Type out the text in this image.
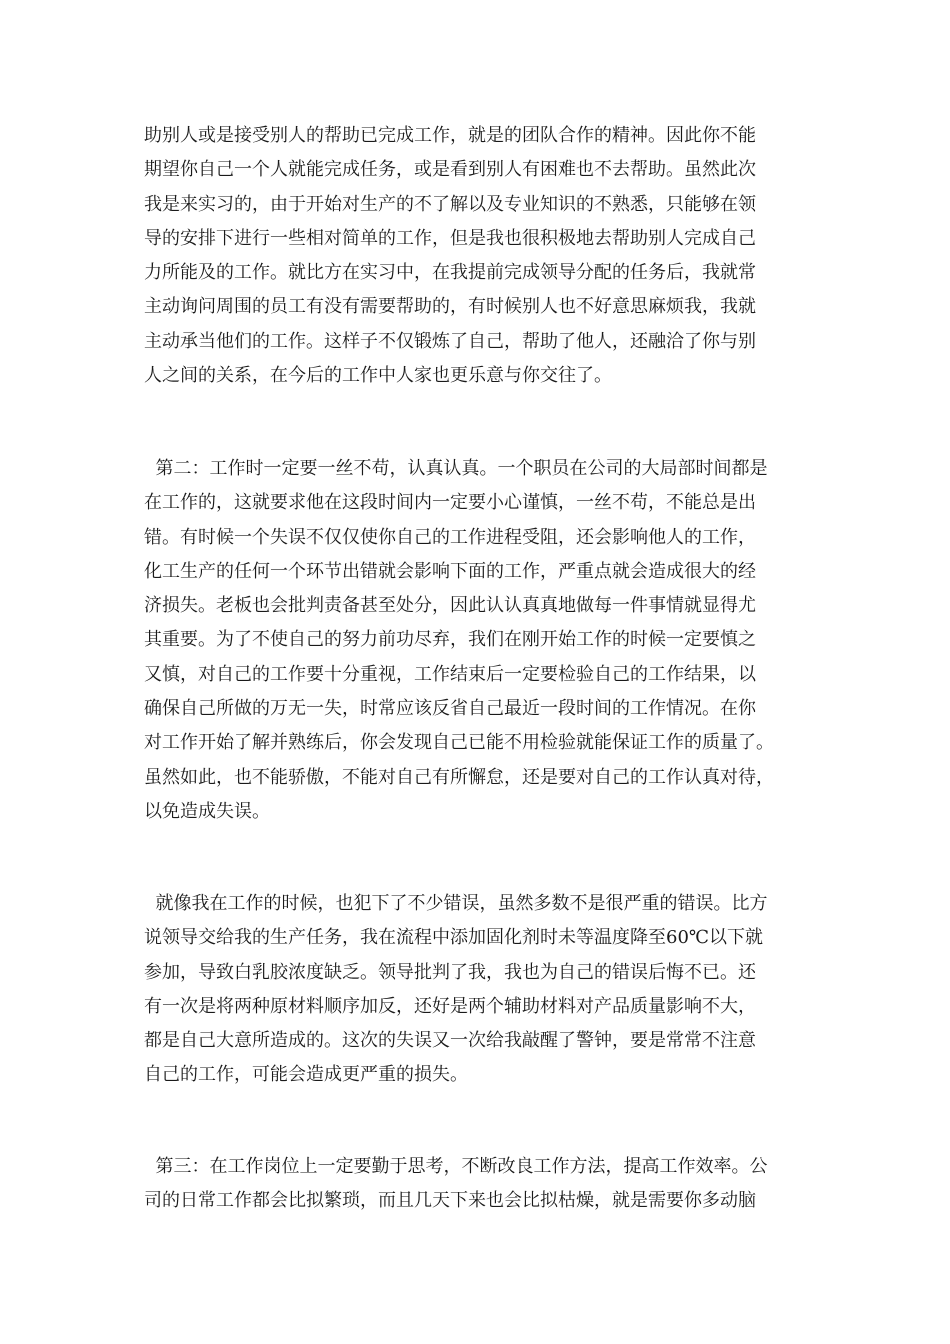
助别人或是接受别人的帮助已完成工作，就是的团队合作的精神。因此你不能
期望你自己一个人就能完成任务，或是看到别人有困难也不去帮助。虽然此次
我是来实习的，由于开始对生产的不了解以及专业知识的不熟悉，只能够在领
导的安排下进行一些相对简单的工作，但是我也很积极地去帮助别人完成自己
力所能及的工作。就比方在实习中，在我提前完成领导分配的任务后，我就常
主动询问周围的员工有没有需要帮助的，有时候别人也不好意思麻烦我，我就
主动承当他们的工作。这样子不仅锻炼了自己，帮助了他人，还融洽了你与别
人之间的关系，在今后的工作中人家也更乐意与你交往了。
第二：工作时一定要一丝不苟，认真认真。一个职员在公司的大局部时间都是
在工作的，这就要求他在这段时间内一定要小心谨慎，一丝不苟，不能总是出
错。有时候一个失误不仅仅使你自己的工作进程受阻，还会影响他人的工作，
化工生产的任何一个环节出错就会影响下面的工作，严重点就会造成很大的经
济损失。老板也会批判责备甚至处分，因此认认真真地做每一件事情就显得尤
其重要。为了不使自己的努力前功尽弃，我们在刚开始工作的时候一定要慎之
又慎，对自己的工作要十分重视，工作结束后一定要检验自己的工作结果，以
确保自己所做的万无一失，时常应该反省自己最近一段时间的工作情况。在你
对工作开始了解并熟练后，你会发现自己已能不用检验就能保证工作的质量了。
虽然如此，也不能骄傲，不能对自己有所懈怠，还是要对自己的工作认真对待，
以免造成失误。
就像我在工作的时候，也犯下了不少错误，虽然多数不是很严重的错误。比方
说领导交给我的生产任务，我在流程中添加固化剂时未等温度降至60℃以下就
参加，导致白乳胶浓度缺乏。领导批判了我，我也为自己的错误后悔不已。还
有一次是将两种原材料顺序加反，还好是两个辅助材料对产品质量影响不大，
都是自己大意所造成的。这次的失误又一次给我敲醒了警钟，要是常常不注意
自己的工作，可能会造成更严重的损失。
第三：在工作岗位上一定要勤于思考，不断改良工作方法，提高工作效率。公
司的日常工作都会比拟繁琐，而且几天下来也会比拟枯燥，就是需要你多动脑
